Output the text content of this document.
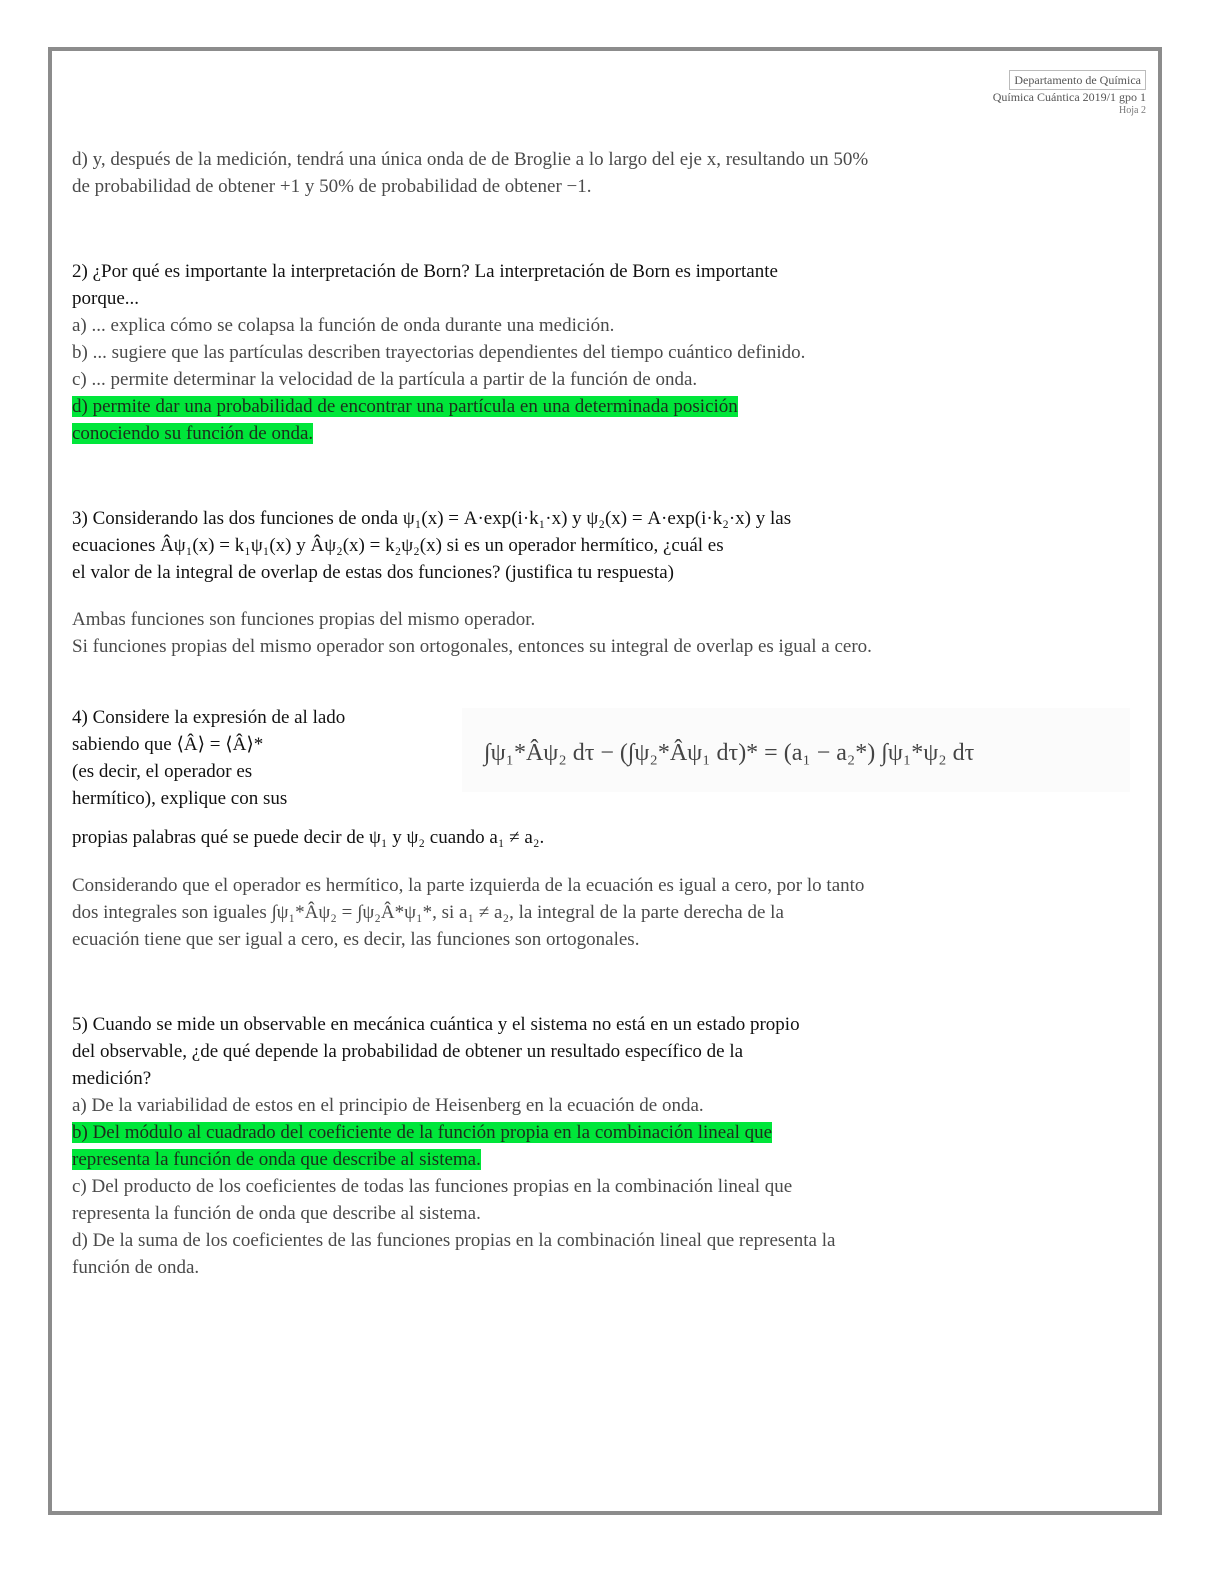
Departamento de Química

Química Cuántica 2019/1 gpo 1
Hoja 2

d) y, después de la medición, tendrá una única onda de de Broglie a lo largo del eje x, resultando un 50%
de probabilidad de obtener +1 y 50% de probabilidad de obtener −1.

2) ¿Por qué es importante la interpretación de Born? La interpretación de Born es importante
porque...

a) ... explica cómo se colapsa la función de onda durante una medición.
b) ... sugiere que las partículas describen trayectorias dependientes del tiempo cuántico definido.
c) ... permite determinar la velocidad de la partícula a partir de la función de onda.

d) permite dar una probabilidad de encontrar una partícula en una determinada posición
conociendo su función de onda.

3) Considerando las dos funciones de onda ψ₁(x) = A·exp(i·k₁·x) y ψ₂(x) = A·exp(i·k₂·x) y las
ecuaciones Âψ₁(x) = k₁ψ₁(x) y Âψ₂(x) = k₂ψ₂(x) si es un operador hermítico, ¿cuál es
el valor de la integral de overlap de estas dos funciones? (justifica tu respuesta)

Ambas funciones son funciones propias del mismo operador.
Si funciones propias del mismo operador son ortogonales, entonces su integral de overlap es igual a cero.

4) Considere la expresión de al lado
sabiendo que ⟨Â⟩ = ⟨Â⟩*
(es decir, el operador es
hermítico), explique con sus

propias palabras qué se puede decir de ψ₁ y ψ₂ cuando a₁ ≠ a₂.

∫ψ₁*Âψ₂ dτ − (∫ψ₂*Âψ₁ dτ)* = (a₁ − a₂*) ∫ψ₁*ψ₂ dτ

Considerando que el operador es hermítico, la parte izquierda de la ecuación es igual a cero, por lo tanto
dos integrales son iguales ∫ψ₁*Âψ₂ = ∫ψ₂Â*ψ₁*, si a₁ ≠ a₂, la integral de la parte derecha de la
ecuación tiene que ser igual a cero, es decir, las funciones son ortogonales.

5) Cuando se mide un observable en mecánica cuántica y el sistema no está en un estado propio
del observable, ¿de qué depende la probabilidad de obtener un resultado específico de la
medición?

a) De la variabilidad de estos en el principio de Heisenberg en la ecuación de onda.

b) Del módulo al cuadrado del coeficiente de la función propia en la combinación lineal que
representa la función de onda que describe al sistema.

c) Del producto de los coeficientes de todas las funciones propias en la combinación lineal que
representa la función de onda que describe al sistema.
d) De la suma de los coeficientes de las funciones propias en la combinación lineal que representa la
función de onda.
